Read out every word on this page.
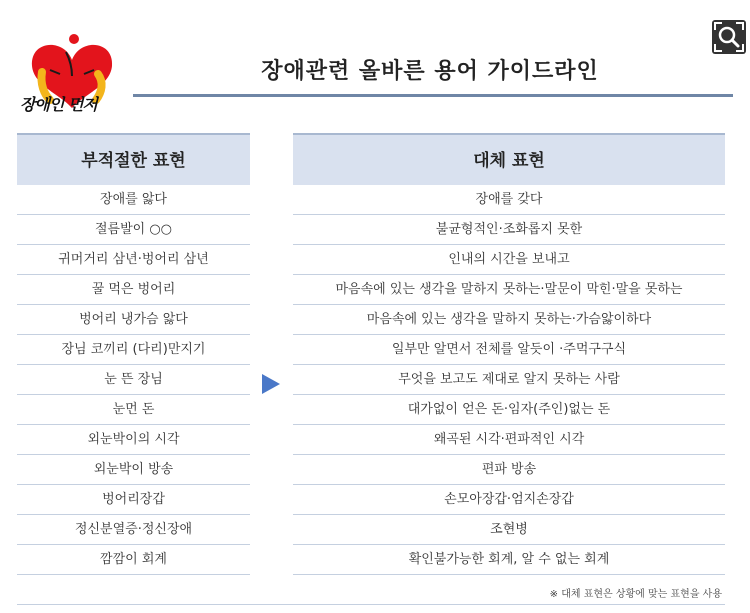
장애인 먼저
장애관련 올바른 용어 가이드라인
부적절한 표현
장애를 앓다
절름발이 ○○
귀머거리 삼년·벙어리 삼년
꿀 먹은 벙어리
벙어리 냉가슴 앓다
장님 코끼리 (다리)만지기
눈 뜬 장님
눈먼 돈
외눈박이의 시각
외눈박이 방송
벙어리장갑
정신분열증·정신장애
깜깜이 회계
대체 표현
장애를 갖다
불균형적인·조화롭지 못한
인내의 시간을 보내고
마음속에 있는 생각을 말하지 못하는·말문이 막힌·말을 못하는
마음속에 있는 생각을 말하지 못하는·가슴앓이하다
일부만 알면서 전체를 알듯이 ·주먹구구식
무엇을 보고도 제대로 알지 못하는 사람
대가없이 얻은 돈·임자(주인)없는 돈
왜곡된 시각·편파적인 시각
편파 방송
손모아장갑·엄지손장갑
조현병
확인불가능한 회계, 알 수 없는 회계
※ 대체 표현은 상황에 맞는 표현을 사용
